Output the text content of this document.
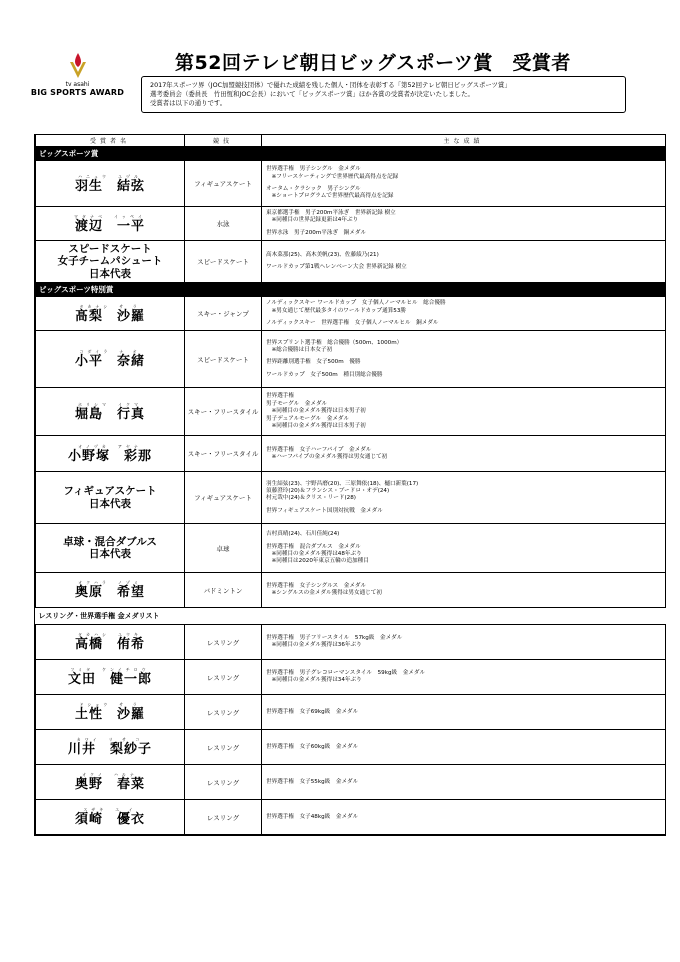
tv asahi
BIG SPORTS AWARD
第52回テレビ朝日ビッグスポーツ賞　受賞者
2017年スポーツ界（JOC加盟競技団体）で優れた成績を残した個人・団体を表彰する「第52回テレビ朝日ビッグスポーツ賞」
選考委員会（委員長　竹田恆和JOC会長）において「ビッグスポーツ賞」ほか各賞の受賞者が決定いたしました。
受賞者は以下の通りです。
受賞者名	競技	主な成績
ビッグスポーツ賞		

ハニュウ　ユヅル
羽生　結弦	フィギュアスケート	世界選手権　男子シングル　金メダル
　※フリースケーティングで世界歴代最高得点を記録
オータム・クラシック　男子シングル
　※ショートプログラムで世界歴代最高得点を記録

ワタナベ　イッペイ
渡辺　一平	水泳	東京都選手権　男子200m平泳ぎ　世界新記録 樹立
　※同種目の世界記録更新は4年ぶり
世界水泳　男子200m平泳ぎ　銅メダル

スピードスケート
女子チームパシュート
日本代表	スピードスケート	高木菜那(25)、高木美帆(23)、佐藤綾乃(21)
ワールドカップ第1戦ヘレンベーン大会 世界新記録 樹立

ビッグスポーツ特別賞		

タカナシ　サ ラ
髙梨　沙羅	スキー・ジャンプ	ノルディックスキー ワールドカップ　女子個人ノーマルヒル　総合優勝
　※男女通じて歴代最多タイのワールドカップ通算53勝
ノルディックスキー　世界選手権　女子個人ノーマルヒル　銅メダル

コダイラ　ナ オ
小平　奈緒	スピードスケート	世界スプリント選手権　総合優勝（500m、1000m）
　※総合優勝は日本女子初
世界距離別選手権　女子500m　優勝
ワールドカップ　女子500m　種目別総合優勝

ホリシマ　イクマ
堀島　行真	スキー・フリースタイル	世界選手権
男子モーグル　金メダル
　※同種目の金メダル獲得は日本男子初
男子デュアルモーグル　金メダル
　※同種目の金メダル獲得は日本男子初

オノヅカ　アヤナ
小野塚　彩那	スキー・フリースタイル	世界選手権　女子ハーフパイプ　金メダル
　※ハーフパイプの金メダル獲得は男女通じて初

フィギュアスケート
日本代表	フィギュアスケート	羽生結弦(23)、宇野昌磨(20)、三原舞依(18)、樋口新葉(17)
須藤澄玲(20)＆フランシス・ブードロ・オデ(24)
村元哉中(24)＆クリス・リード(28)
世界フィギュアスケート国別対抗戦　金メダル

卓球・混合ダブルス
日本代表	卓球	吉村真晴(24)、石川佳純(24)
世界選手権　混合ダブルス　金メダル
　※同種目の金メダル獲得は48年ぶり
　※同種目は2020年東京五輪の追加種目

オクハラ　ノゾミ
奥原　希望	バドミントン	世界選手権　女子シングルス　金メダル
　※シングルスの金メダル獲得は男女通じて初

レスリング・世界選手権 金メダリスト		

タカハシ　ユウキ
高橋　侑希	レスリング	世界選手権　男子フリースタイル　57kg級　金メダル
　※同種目の金メダル獲得は36年ぶり

フミタ　ケンイチロウ
文田　健一郎	レスリング	世界選手権　男子グレコローマンスタイル　59kg級　金メダル
　※同種目の金メダル獲得は34年ぶり

ドショウ　サ ラ
土性　沙羅	レスリング	世界選手権　女子69kg級　金メダル

カワイ　リ サ コ
川井　梨紗子	レスリング	世界選手権　女子60kg級　金メダル

オクノ　ハルナ
奥野　春菜	レスリング	世界選手権　女子55kg級　金メダル

スザキ　ユ イ
須崎　優衣	レスリング	世界選手権　女子48kg級　金メダル
